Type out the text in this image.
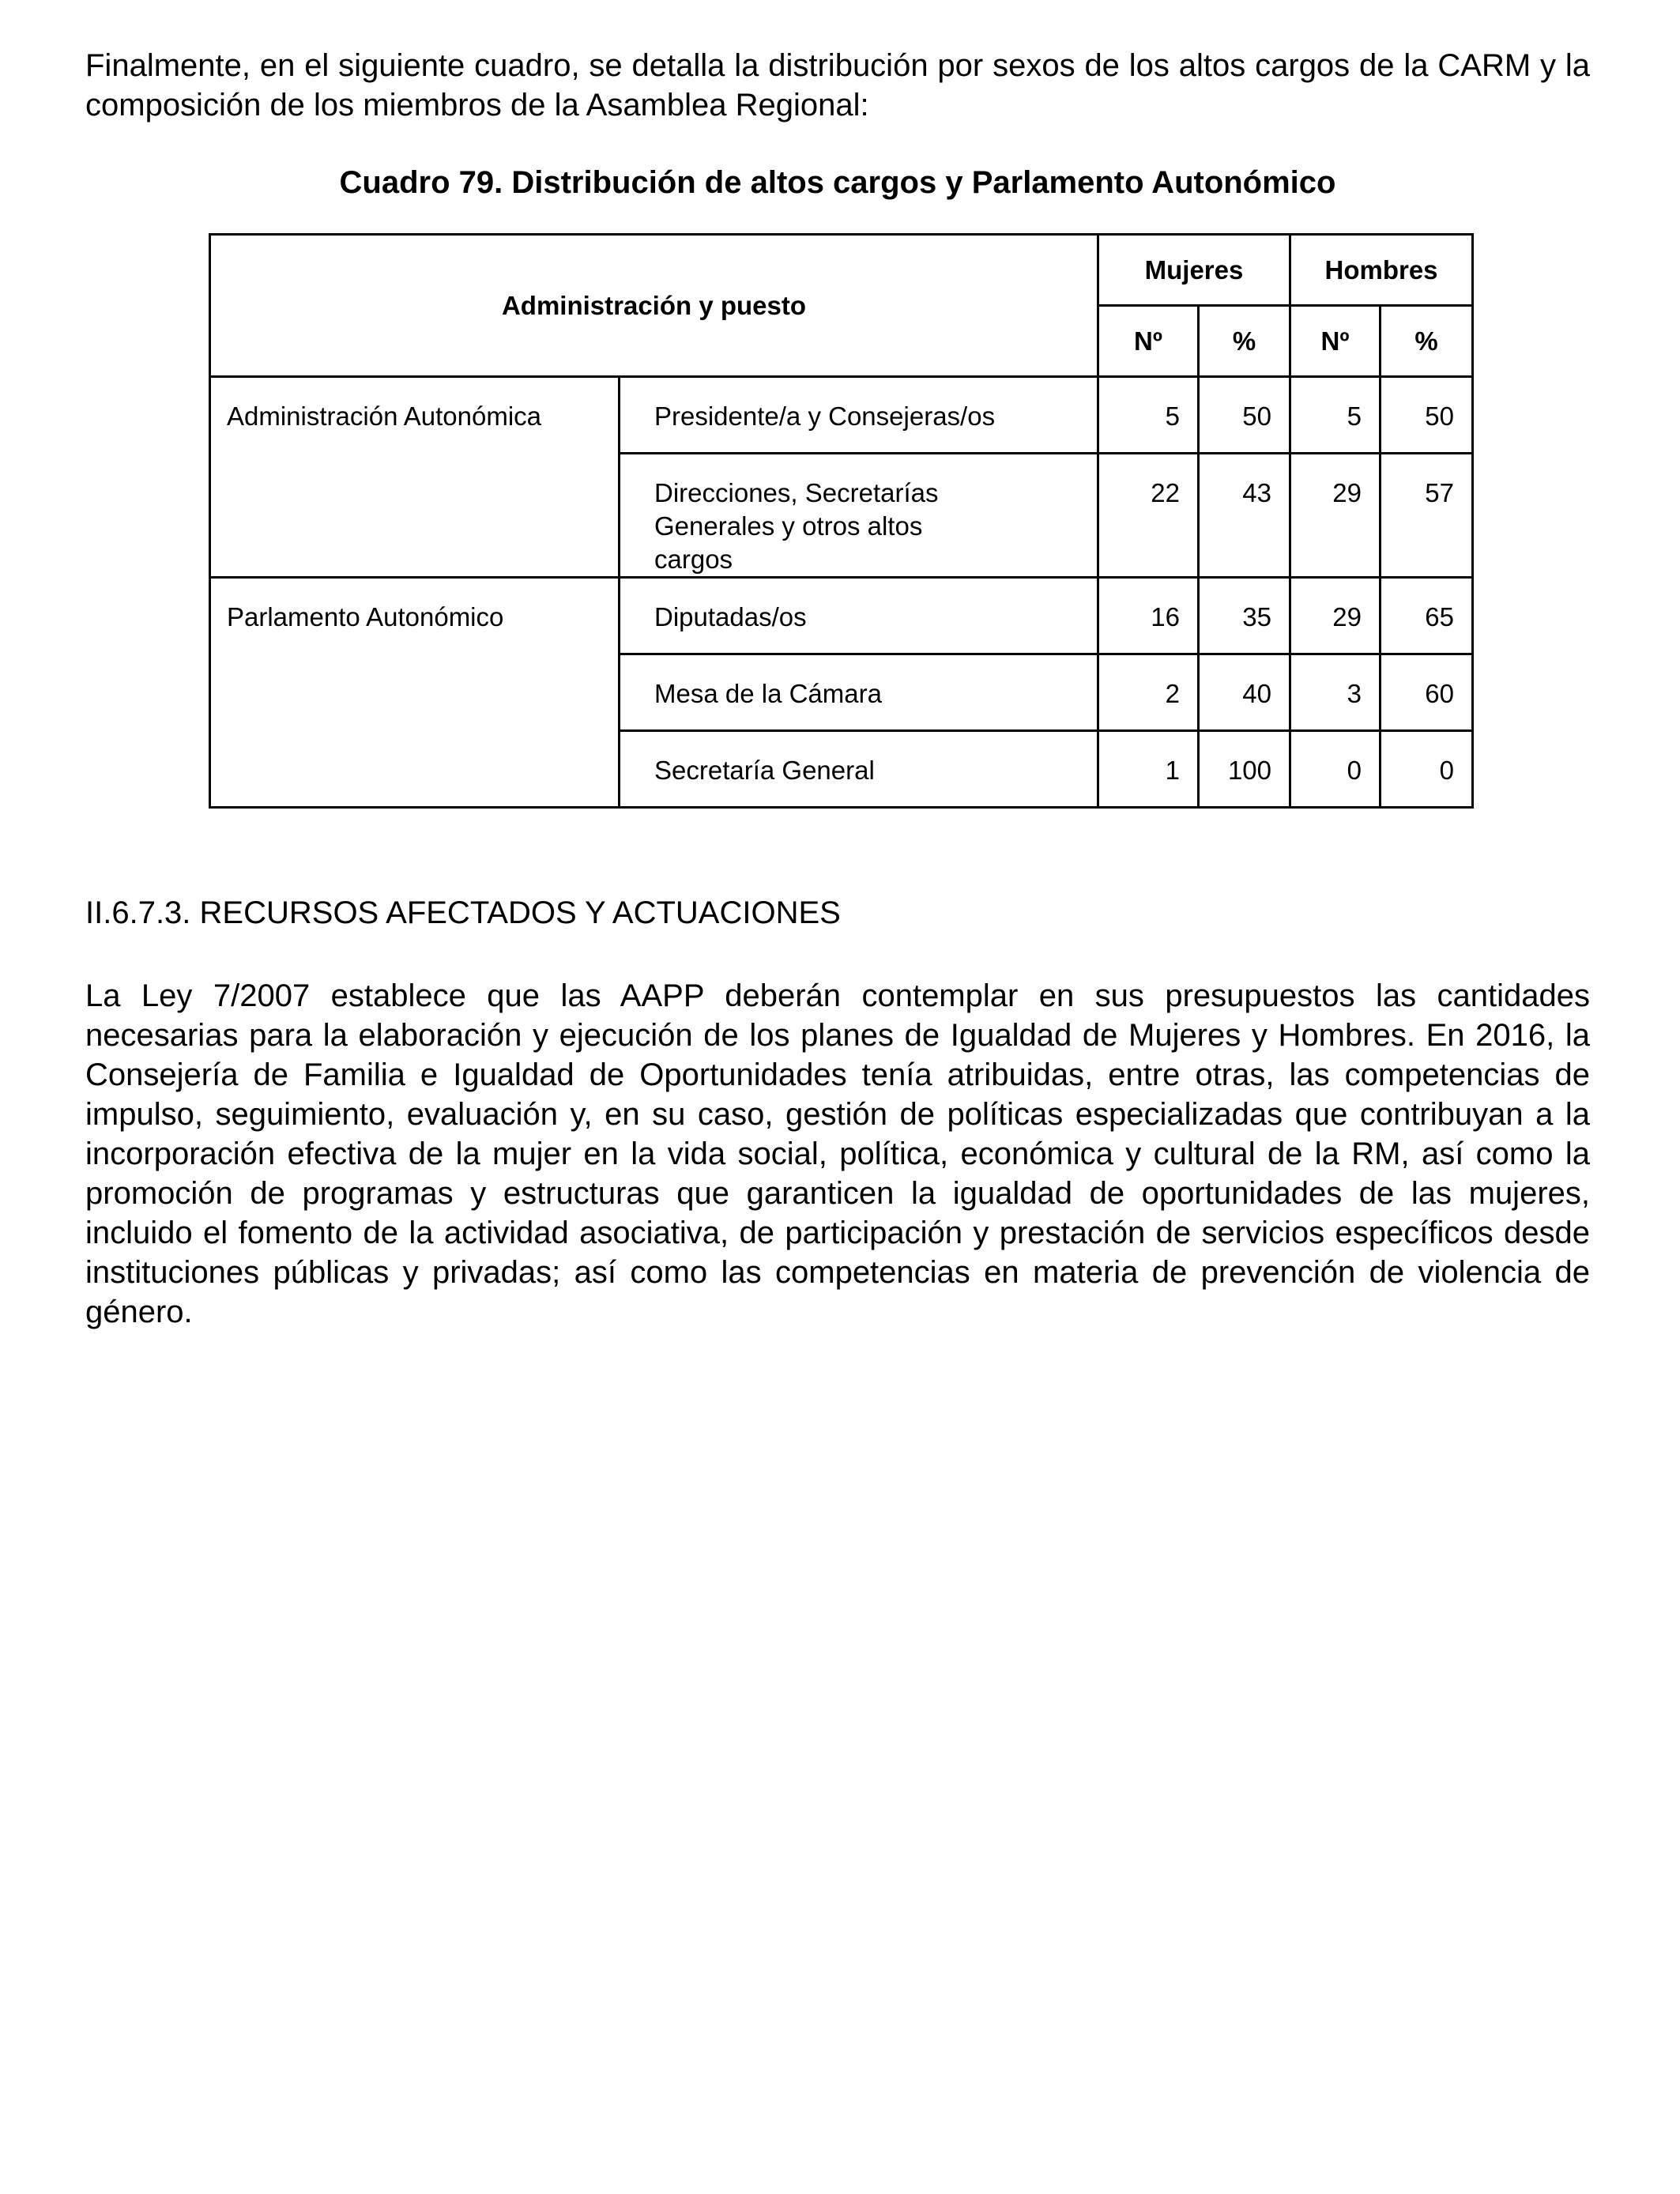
Finalmente, en el siguiente cuadro, se detalla la distribución por sexos de los altos cargos de la CARM y la composición de los miembros de la Asamblea Regional:

Cuadro 79. Distribución de altos cargos y Parlamento Autonómico
Administración y puesto		Mujeres		Hombres	
		Nº	%	Nº	%
Administración Autonómica	Presidente/a y Consejeras/os	5	50	5	50
	Direcciones, Secretarías Generales y otros altos cargos	22	43	29	57
Parlamento Autonómico	Diputadas/os	16	35	29	65
	Mesa de la Cámara	2	40	3	60
	Secretaría General	1	100	0	0
II.6.7.3. RECURSOS AFECTADOS Y ACTUACIONES

La Ley 7/2007 establece que las AAPP deberán contemplar en sus presupuestos las cantidades necesarias para la elaboración y ejecución de los planes de Igualdad de Mujeres y Hombres. En 2016, la Consejería de Familia e Igualdad de Oportunidades tenía atribuidas, entre otras, las competencias de impulso, seguimiento, evaluación y, en su caso, gestión de políticas especializadas que contribuyan a la incorporación efectiva de la mujer en la vida social, política, económica y cultural de la RM, así como la promoción de programas y estructuras que garanticen la igualdad de oportunidades de las mujeres, incluido el fomento de la actividad asociativa, de participación y prestación de servicios específicos desde instituciones públicas y privadas; así como las competencias en materia de prevención de violencia de género.
